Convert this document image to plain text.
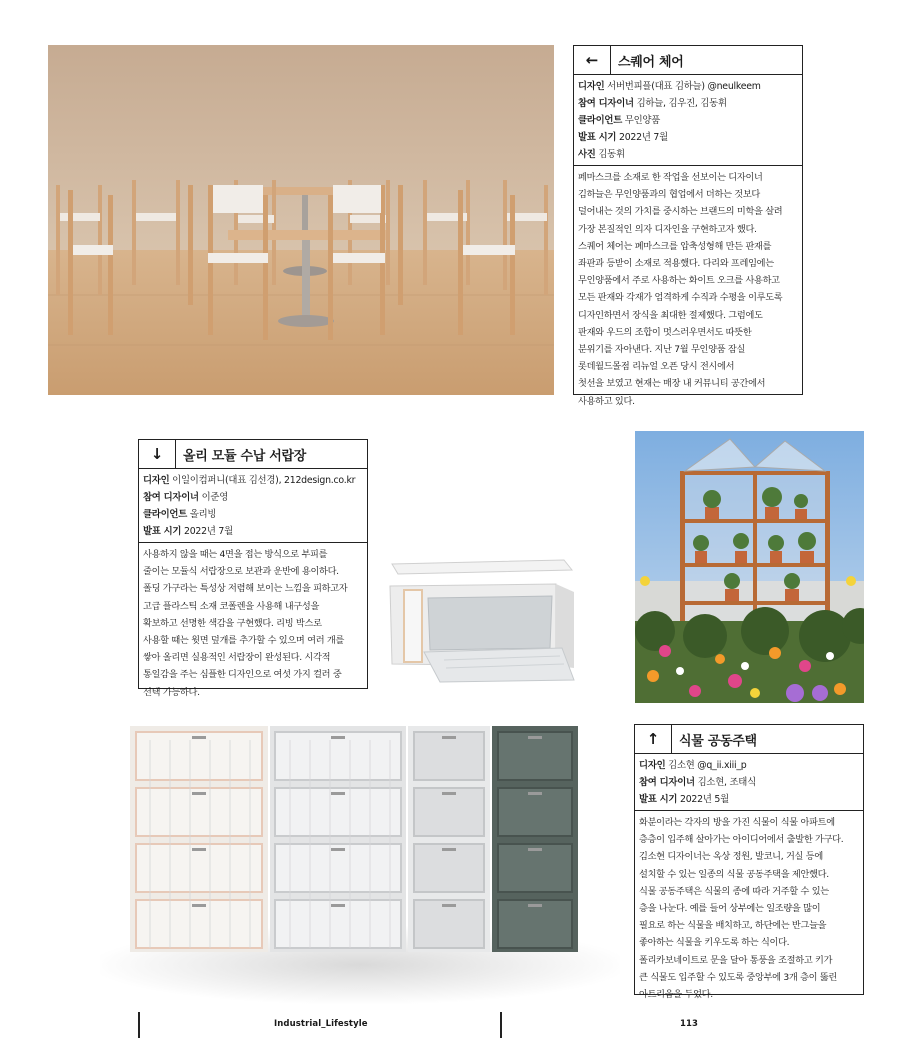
←	스퀘어 체어
디자인 서버번피플(대표 김하늘) @neulkeem
참여 디자이너 김하늘, 김우진, 김동휘
클라이언트 무인양품
발표 시기 2022년 7월
사진 김동휘
페마스크를 소재로 한 작업을 선보이는 디자이너
김하늘은 무인양품과의 협업에서 더하는 것보다
덜어내는 것의 가치를 중시하는 브랜드의 미학을 살려
가장 본질적인 의자 디자인을 구현하고자 했다.
스퀘어 체어는 폐마스크를 압축성형해 만든 판재를
좌판과 등받이 소재로 적용했다. 다리와 프레임에는
무인양품에서 주로 사용하는 화이트 오크를 사용하고
모든 판재와 각재가 엄격하게 수직과 수평을 이루도록
디자인하면서 장식을 최대한 절제했다. 그럼에도
판재와 우드의 조합이 멋스러우면서도 따뜻한
분위기를 자아낸다. 지난 7월 무인양품 잠실
롯데월드몰점 리뉴얼 오픈 당시 전시에서
첫선을 보였고 현재는 매장 내 커뮤니티 공간에서
사용하고 있다.
↓	올리 모듈 수납 서랍장
디자인 이일이컴퍼니(대표 김선경), 212design.co.kr
참여 디자이너 이준영
클라이언트 올리빙
발표 시기 2022년 7월
사용하지 않을 때는 4면을 접는 방식으로 부피를
줄이는 모듈식 서랍장으로 보관과 운반에 용이하다.
폴딩 가구라는 특성상 저렴해 보이는 느낌을 피하고자
고급 플라스틱 소재 코폴렌을 사용해 내구성을
확보하고 선명한 색감을 구현했다. 리빙 박스로
사용할 때는 윗면 덮개를 추가할 수 있으며 여러 개를
쌓아 올리면 실용적인 서랍장이 완성된다. 시각적
통일감을 주는 심플한 디자인으로 여섯 가지 컬러 중
선택 가능하다.
↑	식물 공동주택
디자인 김소현 @q_ii.xiii_p
참여 디자이너 김소현, 조태식
발표 시기 2022년 5월
화분이라는 각자의 방을 가진 식물이 식물 아파트에
층층이 입주해 살아가는 아이디어에서 출발한 가구다.
김소현 디자이너는 옥상 정원, 발코니, 거실 등에
설치할 수 있는 일종의 식물 공동주택을 제안했다.
식물 공동주택은 식물의 종에 따라 거주할 수 있는
층을 나눈다. 예를 들어 상부에는 일조량을 많이
필요로 하는 식물을 배치하고, 하단에는 반그늘을
좋아하는 식물을 키우도록 하는 식이다.
폴리카보네이트로 문을 달아 통풍을 조절하고 키가
큰 식물도 입주할 수 있도록 중앙부에 3개 층이 뚫린
아트리움을 두었다.
Industrial_Lifestyle	113
